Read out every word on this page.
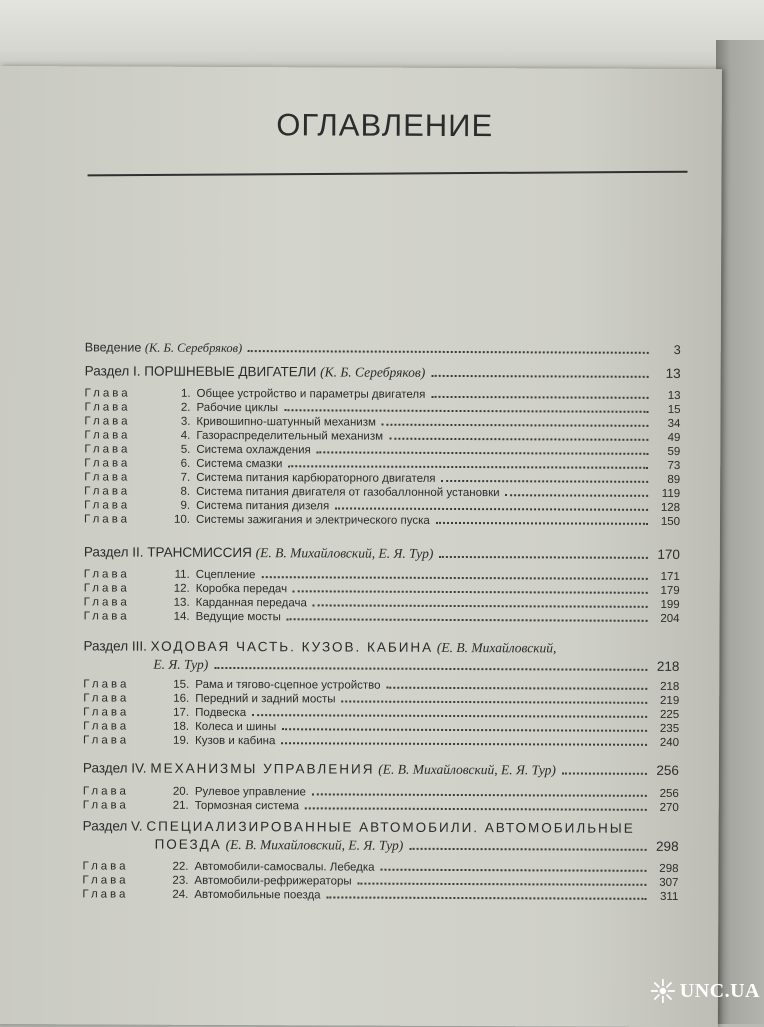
ОГЛАВЛЕНИЕ
Введение (К. Б. Серебряков)	3
Раздел I. ПОРШНЕВЫЕ ДВИГАТЕЛИ (К. Б. Серебряков)	13
Глава	1. Общее устройство и параметры двигателя	13
Глава	2. Рабочие циклы	15
Глава	3. Кривошипно-шатунный механизм	34
Глава	4. Газораспределительный механизм	49
Глава	5. Система охлаждения	59
Глава	6. Система смазки	73
Глава	7. Система питания карбюраторного двигателя	89
Глава	8. Система питания двигателя от газобаллонной установки	119
Глава	9. Система питания дизеля	128
Глава	10. Системы зажигания и электрического пуска	150
Раздел II. ТРАНСМИССИЯ (Е. В. Михайловский, Е. Я. Тур)	170
Глава	11. Сцепление	171
Глава	12. Коробка передач	179
Глава	13. Карданная передача	199
Глава	14. Ведущие мосты	204
Раздел III. ХОДОВАЯ ЧАСТЬ. КУЗОВ. КАБИНА (Е. В. Михайловский,
Е. Я. Тур)	218
Глава	15. Рама и тягово-сцепное устройство	218
Глава	16. Передний и задний мосты	219
Глава	17. Подвеска	225
Глава	18. Колеса и шины	235
Глава	19. Кузов и кабина	240
Раздел IV. МЕХАНИЗМЫ УПРАВЛЕНИЯ (Е. В. Михайловский, Е. Я. Тур)	256
Глава	20. Рулевое управление	256
Глава	21. Тормозная система	270
Раздел V. СПЕЦИАЛИЗИРОВАННЫЕ АВТОМОБИЛИ. АВТОМОБИЛЬНЫЕ
ПОЕЗДА (Е. В. Михайловский, Е. Я. Тур)	298
Глава	22. Автомобили-самосвалы. Лебедка	298
Глава	23. Автомобили-рефрижераторы	307
Глава	24. Автомобильные поезда	311
UNC.UA
